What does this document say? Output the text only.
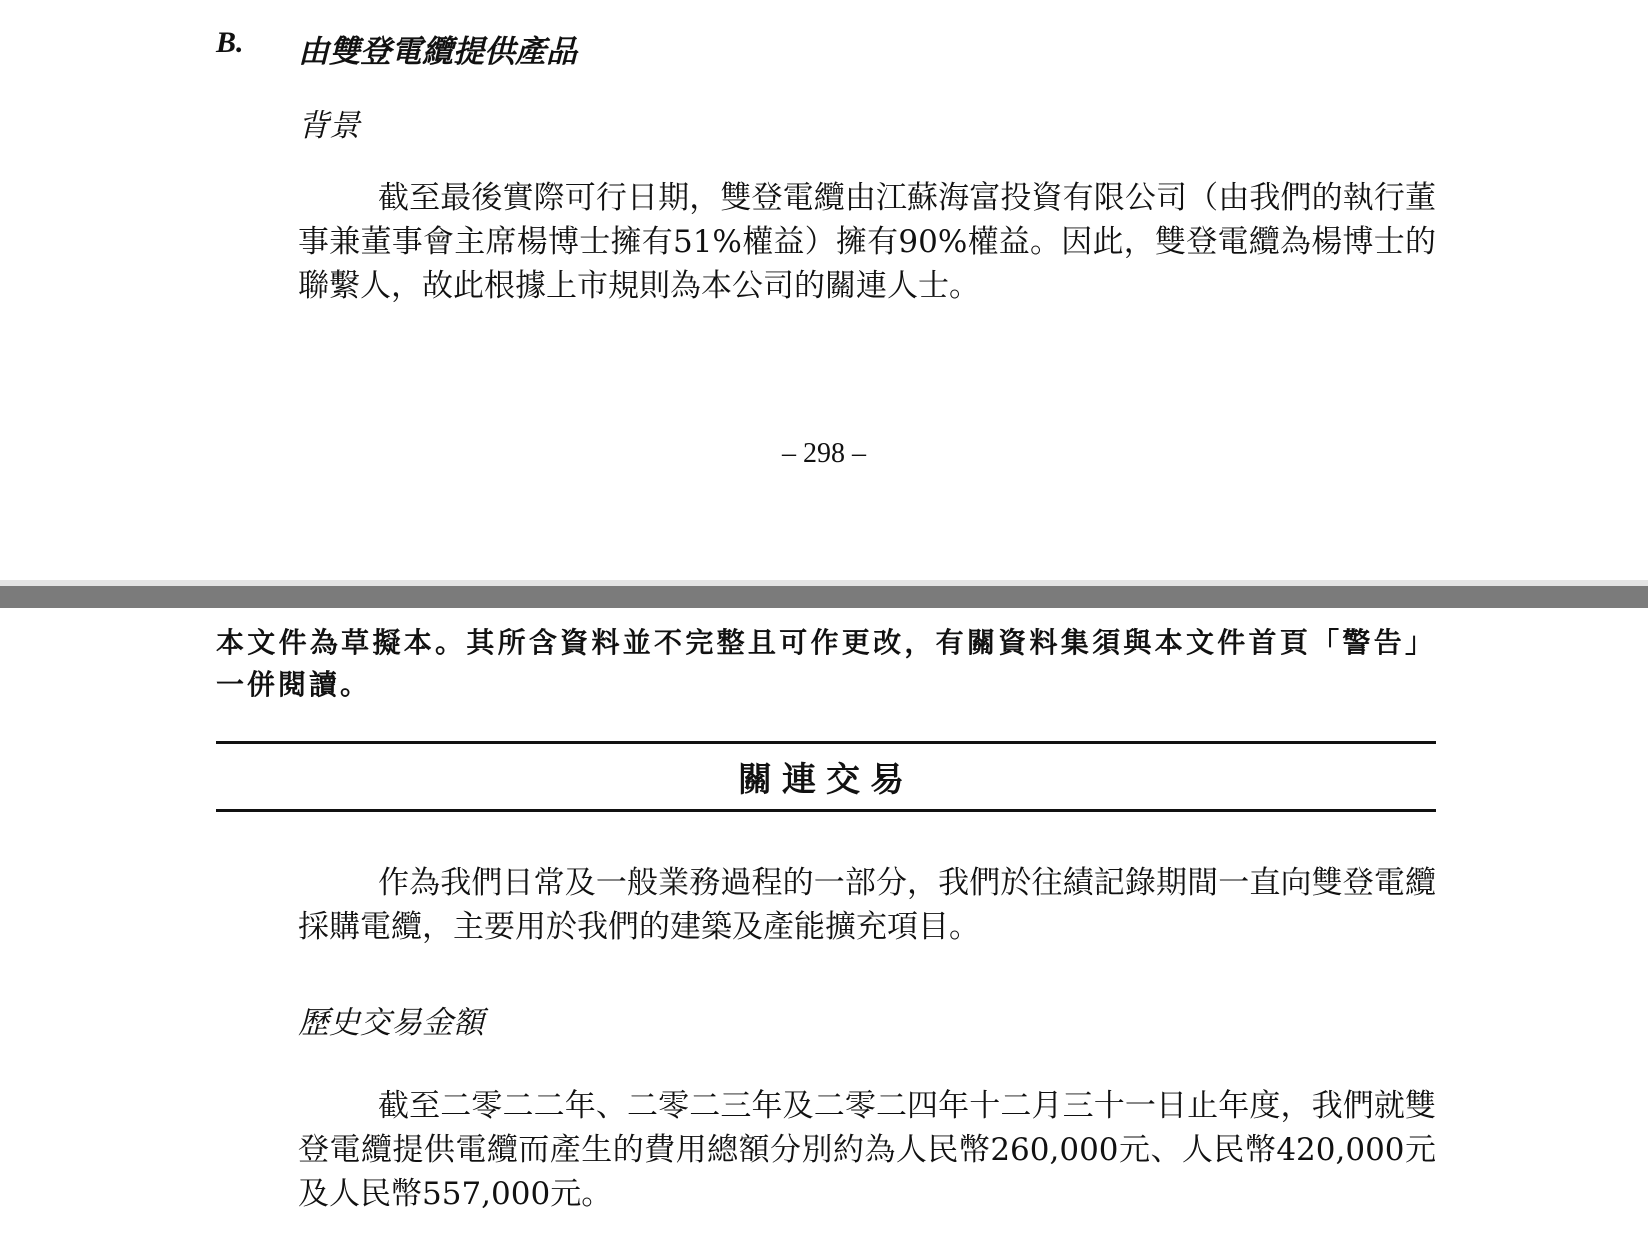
B. 由雙登電纜提供產品
背景

截至最後實際可行日期，雙登電纜由江蘇海富投資有限公司（由我們的執行董事兼董事會主席楊博士擁有51%權益）擁有90%權益。因此，雙登電纜為楊博士的聯繫人，故此根據上市規則為本公司的關連人士。

– 298 –
本文件為草擬本。其所含資料並不完整且可作更改，有關資料集須與本文件首頁「警告」一併閱讀。
關連交易

作為我們日常及一般業務過程的一部分，我們於往績記錄期間一直向雙登電纜採購電纜，主要用於我們的建築及產能擴充項目。

歷史交易金額

截至二零二二年、二零二三年及二零二四年十二月三十一日止年度，我們就雙登電纜提供電纜而產生的費用總額分別約為人民幣260,000元、人民幣420,000元及人民幣557,000元。
